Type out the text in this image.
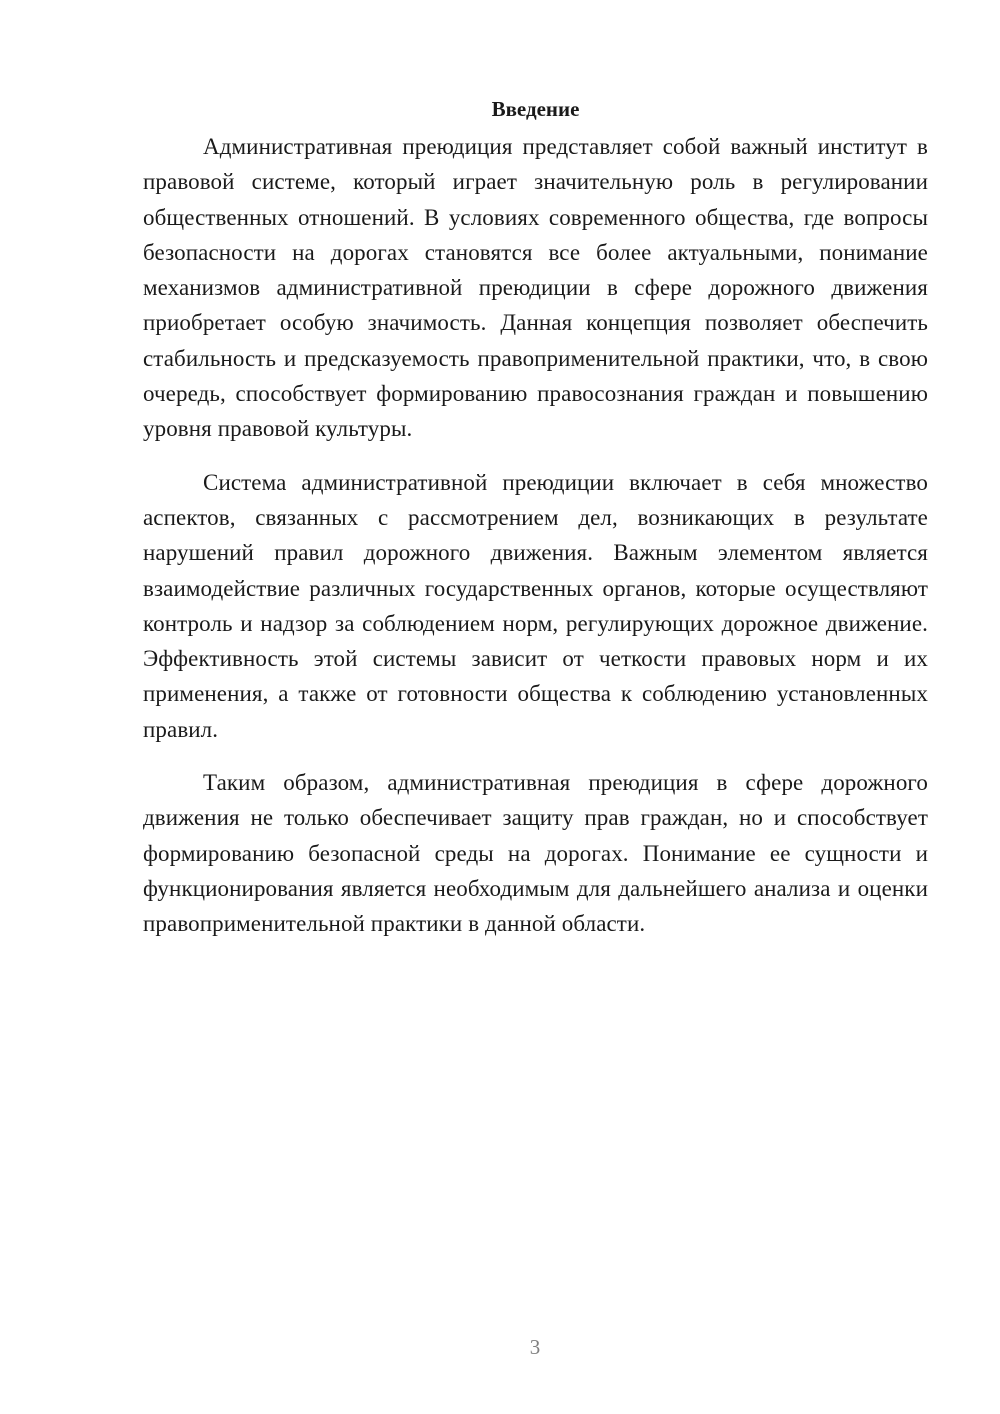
Введение

Административная преюдиция представляет собой важный институт в правовой системе, который играет значительную роль в регулировании общественных отношений. В условиях современного общества, где вопросы безопасности на дорогах становятся все более актуальными, понимание механизмов административной преюдиции в сфере дорожного движения приобретает особую значимость. Данная концепция позволяет обеспечить стабильность и предсказуемость правоприменительной практики, что, в свою очередь, способствует формированию правосознания граждан и повышению уровня правовой культуры.

Система административной преюдиции включает в себя множество аспектов, связанных с рассмотрением дел, возникающих в результате нарушений правил дорожного движения. Важным элементом является взаимодействие различных государственных органов, которые осуществляют контроль и надзор за соблюдением норм, регулирующих дорожное движение. Эффективность этой системы зависит от четкости правовых норм и их применения, а также от готовности общества к соблюдению установленных правил.

Таким образом, административная преюдиция в сфере дорожного движения не только обеспечивает защиту прав граждан, но и способствует формированию безопасной среды на дорогах. Понимание ее сущности и функционирования является необходимым для дальнейшего анализа и оценки правоприменительной практики в данной области.

3
